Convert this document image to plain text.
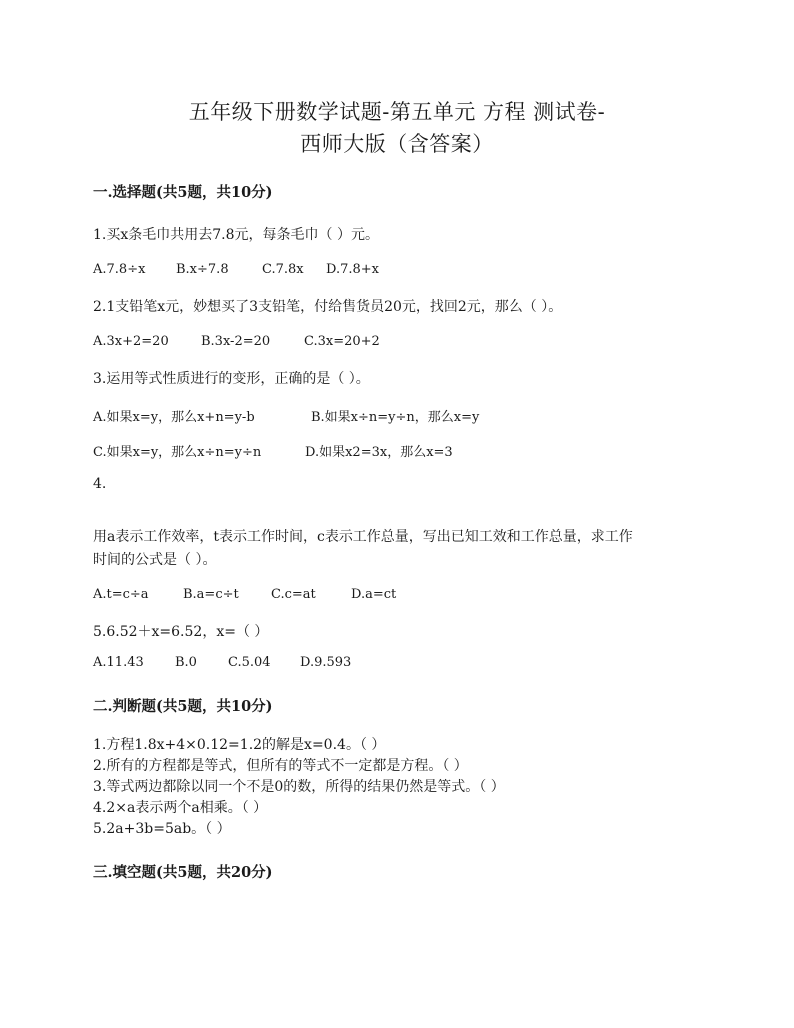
五年级下册数学试题-第五单元 方程 测试卷-
西师大版（含答案）
一.选择题(共5题，共10分)
1.买x条毛巾共用去7.8元，每条毛巾（ ）元。
A.7.8÷x B.x÷7.8	C.7.8x D.7.8+x
2.1支铅笔x元，妙想买了3支铅笔，付给售货员20元，找回2元，那么（ ）。
A.3x+2=20 B.3x-2=20	C.3x=20+2
3.运用等式性质进行的变形，正确的是（ ）。
A.如果x=y，那么x+n=y-b	B.如果x÷n=y÷n，那么x=y
C.如果x=y，那么x÷n=y÷n	D.如果x2=3x，那么x=3
4.
用a表示工作效率，t表示工作时间，c表示工作总量，写出已知工效和工作总量，求工作
时间的公式是（ ）。
A.t=c÷a	B.a=c÷t C.c=at	D.a=ct
5.6.52＋x=6.52，x=（ ）
A.11.43 B.0 C.5.04 D.9.593
二.判断题(共5题，共10分)
1.方程1.8x+4×0.12=1.2的解是x=0.4。（ ）
2.所有的方程都是等式，但所有的等式不一定都是方程。（ ）
3.等式两边都除以同一个不是0的数，所得的结果仍然是等式。（ ）
4.2×a表示两个a相乘。（ ）
5.2a+3b=5ab。（ ）
三.填空题(共5题，共20分)
